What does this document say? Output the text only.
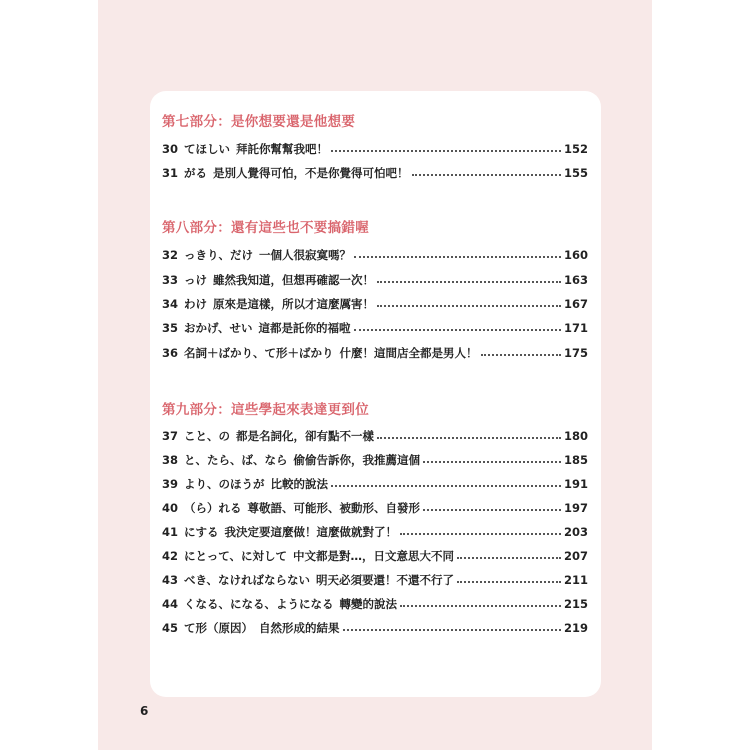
第七部分：是你想要還是他想要
30 てほしい 拜託你幫幫我吧！	152
31 がる 是別人覺得可怕，不是你覺得可怕吧！	155
第八部分：還有這些也不要搞錯喔
32 っきり、だけ 一個人很寂寞嗎？	160
33 っけ 雖然我知道，但想再確認一次！	163
34 わけ 原來是這樣，所以才這麼厲害！	167
35 おかげ、せい 這都是託你的福啦	171
36 名詞＋ばかり、て形＋ばかり 什麼！這間店全都是男人！	175
第九部分：這些學起來表達更到位
37 こと、の 都是名詞化，卻有點不一樣	180
38 と、たら、ば、なら 偷偷告訴你，我推薦這個	185
39 より、のほうが 比較的說法	191
40 （ら）れる 尊敬語、可能形、被動形、自發形	197
41 にする 我決定要這麼做！這麼做就對了！	203
42 にとって、に対して 中文都是對…，日文意思大不同	207
43 べき、なければならない 明天必須要還！不還不行了	211
44 くなる、になる、ようになる 轉變的說法	215
45 て形（原因） 自然形成的結果	219
6
